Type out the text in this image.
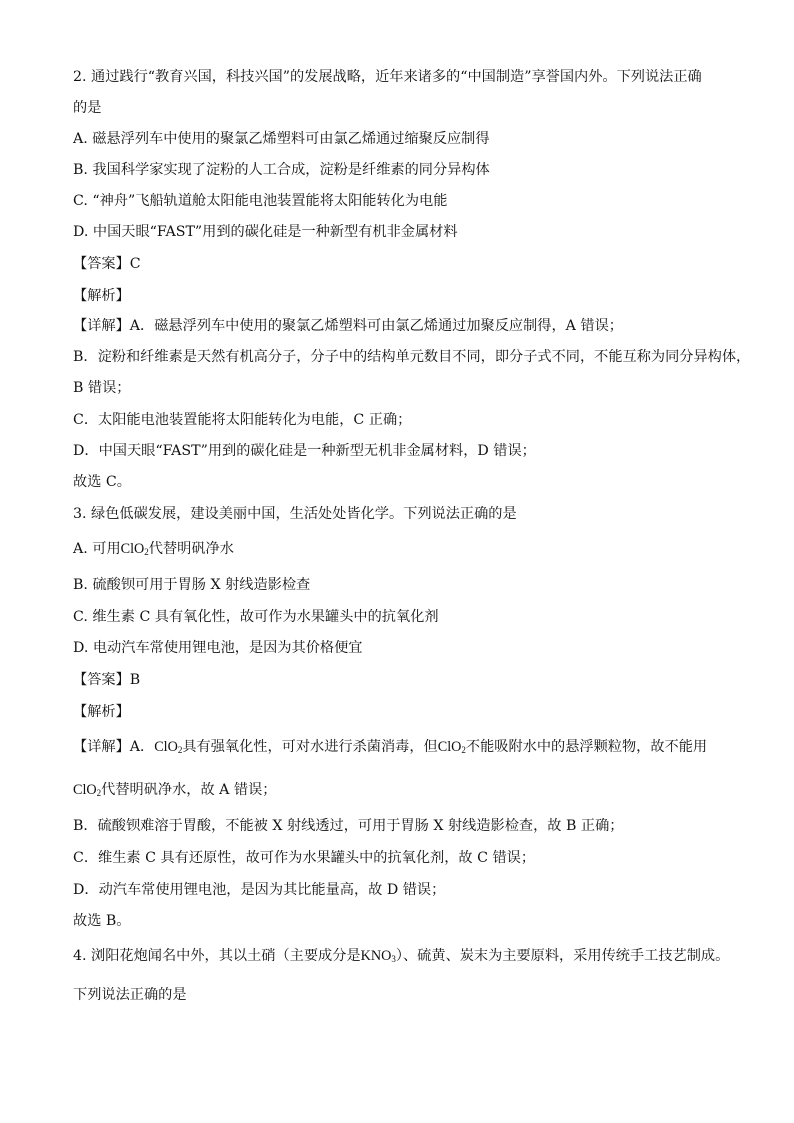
2. 通过践行“教育兴国，科技兴国”的发展战略，近年来诸多的“中国制造”享誉国内外。下列说法正确
的是
A. 磁悬浮列车中使用的聚氯乙烯塑料可由氯乙烯通过缩聚反应制得
B. 我国科学家实现了淀粉的人工合成，淀粉是纤维素的同分异构体
C. “神舟”飞船轨道舱太阳能电池装置能将太阳能转化为电能
D. 中国天眼“FAST”用到的碳化硅是一种新型有机非金属材料
【答案】C
【解析】
【详解】A．磁悬浮列车中使用的聚氯乙烯塑料可由氯乙烯通过加聚反应制得，A 错误；
B．淀粉和纤维素是天然有机高分子，分子中的结构单元数目不同，即分子式不同，不能互称为同分异构体，
B 错误；
C．太阳能电池装置能将太阳能转化为电能，C 正确；
D．中国天眼“FAST”用到的碳化硅是一种新型无机非金属材料，D 错误；
故选 C。
3. 绿色低碳发展，建设美丽中国，生活处处皆化学。下列说法正确的是
A. 可用ClO$_2$代替明矾净水
B. 硫酸钡可用于胃肠 X 射线造影检查
C. 维生素 C 具有氧化性，故可作为水果罐头中的抗氧化剂
D. 电动汽车常使用锂电池，是因为其价格便宜
【答案】B
【解析】
【详解】A．ClO$_2$具有强氧化性，可对水进行杀菌消毒，但ClO$_2$不能吸附水中的悬浮颗粒物，故不能用
ClO$_2$代替明矾净水，故 A 错误；
B．硫酸钡难溶于胃酸，不能被 X 射线透过，可用于胃肠 X 射线造影检查，故 B 正确；
C．维生素 C 具有还原性，故可作为水果罐头中的抗氧化剂，故 C 错误；
D．动汽车常使用锂电池，是因为其比能量高，故 D 错误；
故选 B。
4. 浏阳花炮闻名中外，其以土硝（主要成分是$KNO_3$）、硫黄、炭末为主要原料，采用传统手工技艺制成。
下列说法正确的是
